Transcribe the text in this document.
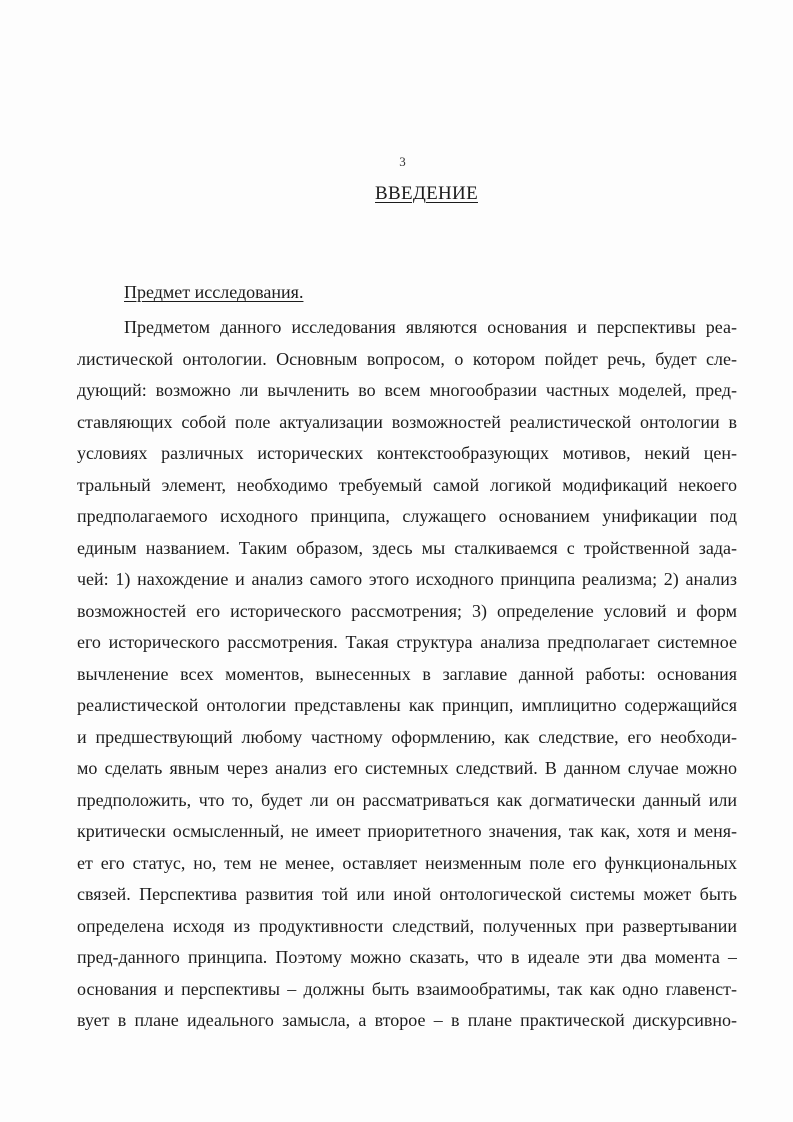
3
ВВЕДЕНИЕ
Предмет исследования.
Предметом данного исследования являются основания и перспективы реа-
листической онтологии. Основным вопросом, о котором пойдет речь, будет сле-
дующий: возможно ли вычленить во всем многообразии частных моделей, пред-
ставляющих собой поле актуализации возможностей реалистической онтологии в
условиях различных исторических контекстообразующих мотивов, некий цен-
тральный элемент, необходимо требуемый самой логикой модификаций некоего
предполагаемого исходного принципа, служащего основанием унификации под
единым названием. Таким образом, здесь мы сталкиваемся с тройственной зада-
чей: 1) нахождение и анализ самого этого исходного принципа реализма; 2) анализ
возможностей его исторического рассмотрения; 3) определение условий и форм
его исторического рассмотрения. Такая структура анализа предполагает системное
вычленение всех моментов, вынесенных в заглавие данной работы: основания
реалистической онтологии представлены как принцип, имплицитно содержащийся
и предшествующий любому частному оформлению, как следствие, его необходи-
мо сделать явным через анализ его системных следствий. В данном случае можно
предположить, что то, будет ли он рассматриваться как догматически данный или
критически осмысленный, не имеет приоритетного значения, так как, хотя и меня-
ет его статус, но, тем не менее, оставляет неизменным поле его функциональных
связей. Перспектива развития той или иной онтологической системы может быть
определена исходя из продуктивности следствий, полученных при развертывании
пред-данного принципа. Поэтому можно сказать, что в идеале эти два момента –
основания и перспективы – должны быть взаимообратимы, так как одно главенст-
вует в плане идеального замысла, а второе – в плане практической дискурсивно-
